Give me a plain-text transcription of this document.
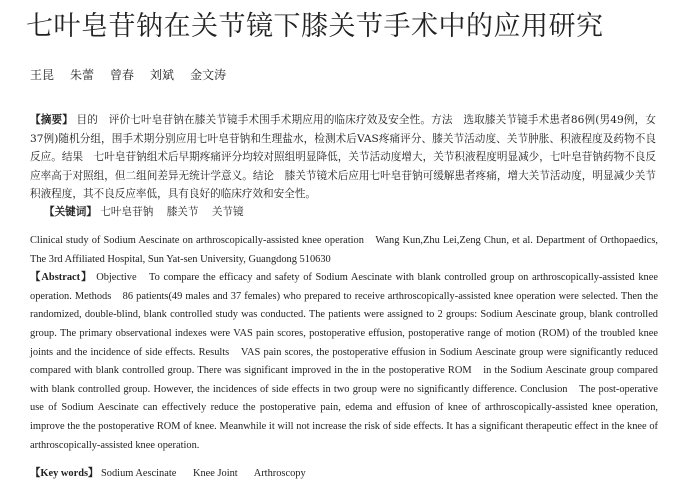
七叶皂苷钠在关节镜下膝关节手术中的应用研究
王昆 朱蕾 曾春 刘斌 金文涛

【摘要】 目的　评价七叶皂苷钠在膝关节镜手术围手术期应用的临床疗效及安全性。方法　选取膝关节镜手术患者86例(男49例，女37例)随机分组，围手术期分别应用七叶皂苷钠和生理盐水，检测术后VAS疼痛评分、膝关节活动度、关节肿胀、积液程度及药物不良反应。结果　七叶皂苷钠组术后早期疼痛评分均较对照组明显降低，关节活动度增大，关节积液程度明显减少，七叶皂苷钠药物不良反应率高于对照组，但二组间差异无统计学意义。结论　膝关节镜术后应用七叶皂苷钠可缓解患者疼痛，增大关节活动度，明显减少关节积液程度，其不良反应率低，具有良好的临床疗效和安全性。

【关键词】 七叶皂苷钠 膝关节 关节镜

Clinical study of Sodium Aescinate on arthroscopically-assisted knee operation　Wang Kun,Zhu Lei,Zeng Chun, et al. Department of Orthopaedics, The 3rd Affiliated Hospital, Sun Yat-sen University, Guangdong 510630
【Abstract】 Objective　To compare the efficacy and safety of Sodium Aescinate with blank controlled group on arthroscopically-assisted knee operation. Methods　86 patients(49 males and 37 females) who prepared to receive arthroscopically-assisted knee operation were selected. Then the randomized, double-blind, blank controlled study was conducted. The patients were assigned to 2 groups: Sodium Aescinate group, blank controlled group. The primary observational indexes were VAS pain scores, postoperative effusion, postoperative range of motion (ROM) of the troubled knee joints and the incidence of side effects. Results　VAS pain scores, the postoperative effusion in Sodium Aescinate group were significantly reduced compared with blank controlled group. There was significant improved in the in the postoperative ROM　in the Sodium Aescinate group compared with blank controlled group. However, the incidences of side effects in two group were no significantly difference. Conclusion　The post-operative use of Sodium Aescinate can effectively reduce the postoperative pain, edema and effusion of knee of arthroscopically-assisted knee operation, improve the the postoperative ROM of knee. Meanwhile it will not increase the risk of side effects. It has a significant therapeutic effect in the knee of arthroscopically-assisted knee operation.

【Key words】 Sodium Aescinate Knee Joint Arthroscopy
